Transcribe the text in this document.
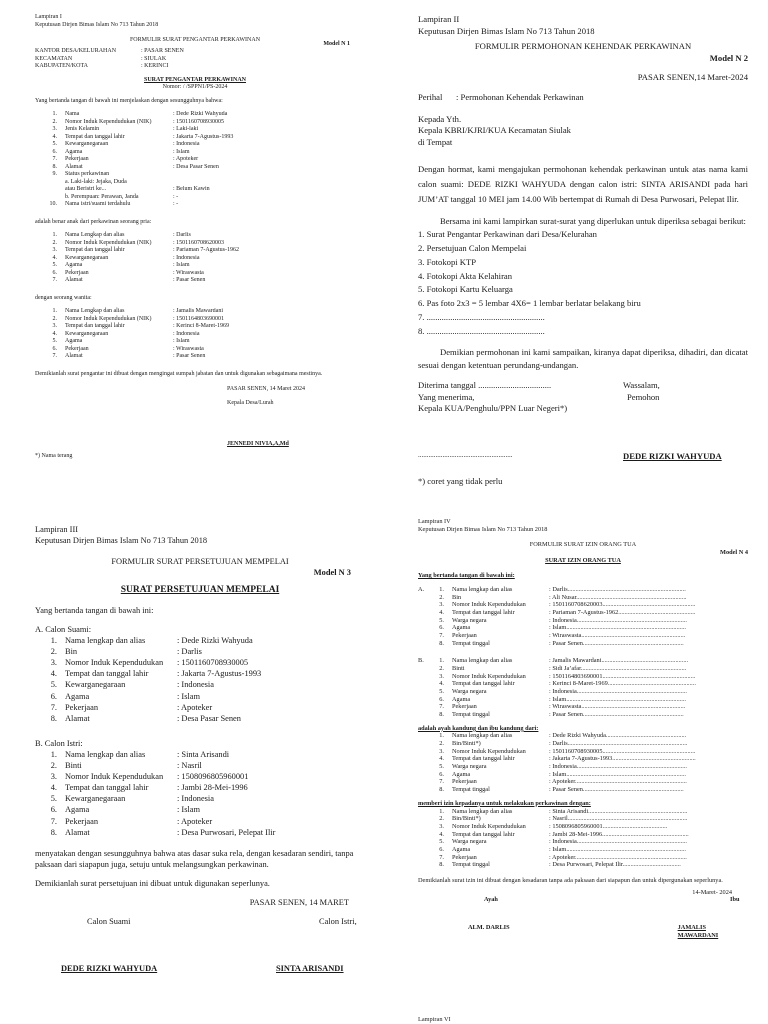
Lampiran I
Keputusan Dirjen Bimas Islam No 713 Tahun 2018
FORMULIR SURAT PENGANTAR PERKAWINAN
Model N 1
KANTOR DESA/KELURAHAN	: PASAR SENEN
KECAMATAN	: SIULAK
KABUPATEN/KOTA	: KERINCI
SURAT PENGANTAR PERKAWINAN
Nomor: / /SPPN1/PS-2024
Yang bertanda tangan di bawah ini menjelaskan dengan sesungguhnya bahwa:
1.	Nama	: Dede Rizki Wahyuda
2.	Nomor Induk Kependudukan (NIK)	: 1501160708930005
3.	Jenis Kelamin	: Laki-laki
4.	Tempat dan tanggal lahir	: Jakarta 7-Agustus-1993
5.	Kewarganegaraan	: Indonesia
6.	Agama	: Islam
7.	Pekerjaan	: Apoteker
8.	Alamat	: Desa Pasar Senen
9.	Status perkawinan
a. Laki-laki: Jejaka, Duda
atau Beristri ke...	: Belum Kawin
b. Perempuan: Perawan, Janda	: -
10.	Nama istri/suami terdahulu	: -
adalah benar anak dari perkawinan seorang pria:
1.	Nama Lengkap dan alias	: Darlis
2.	Nomor Induk Kependudukan (NIK)	: 1501160708620003
3.	Tempat dan tanggal lahir	: Pariaman 7-Agustus-1962
4.	Kewarganegaraan	: Indonesia
5.	Agama	: Islam
6.	Pekerjaan	: Wiraswasta
7.	Alamat	: Pasar Senen
dengan seorang wanita:
1.	Nama Lengkap dan alias	: Jamalis Mawardani
2.	Nomor Induk Kependudukan (NIK)	: 1501164803690001
3.	Tempat dan tanggal lahir	: Kerinci 8-Maret-1969
4.	Kewarganegaraan	: Indonesia
5.	Agama	: Islam
6.	Pekerjaan	: Wiraswasta
7.	Alamat	: Pasar Senen
Demikianlah surat pengantar ini dibuat dengan mengingat sumpah jabatan dan untuk digunakan sebagaimana mestinya.
PASAR SENEN, 14 Maret 2024
Kepala Desa/Lurah
JENNEDI NIVIA,A,Md
*) Nama terang
Lampiran II
Keputusan Dirjen Bimas Islam No 713 Tahun 2018
FORMULIR PERMOHONAN KEHENDAK PERKAWINAN
Model N 2
PASAR SENEN,14 Maret-2024
Perihal	: Permohonan Kehendak Perkawinan
Kepada Yth.
Kepala KBRI/KJRI/KUA Kecamatan Siulak
di Tempat
Dengan hormat, kami mengajukan permohonan kehendak perkawinan untuk atas nama kami calon suami: DEDE RIZKI WAHYUDA dengan calon istri: SINTA ARISANDI pada hari JUM’AT tanggal 10 MEI jam 14.00 Wib bertempat di Rumah di Desa Purwosari, Pelepat Ilir.
Bersama ini kami lampirkan surat-surat yang diperlukan untuk diperiksa sebagai berikut:
1. Surat Pengantar Perkawinan dari Desa/Kelurahan
2. Persetujuan Calon Mempelai
3. Fotokopi KTP
4. Fotokopi Akta Kelahiran
5. Fotokopi Kartu Keluarga
6. Pas foto 2x3 = 5 lembar 4X6= 1 lembar berlatar belakang biru
7. .......................................................
8. .......................................................
Demikian permohonan ini kami sampaikan, kiranya dapat diperiksa, dihadiri, dan dicatat sesuai dengan ketentuan perundang-undangan.
Diterima tanggal ..................................
Yang menerima,
Kepala KUA/Penghulu/PPN Luar Negeri*)
Wassalam,
Pemohon
......................................................	DEDE RIZKI WAHYUDA
*) coret yang tidak perlu
Lampiran III
Keputusan Dirjen Bimas Islam No 713 Tahun 2018
FORMULIR SURAT PERSETUJUAN MEMPELAI
Model N 3
SURAT PERSETUJUAN MEMPELAI
Yang bertanda tangan di bawah ini:
A. Calon Suami:
1. Nama lengkap dan alias	: Dede Rizki Wahyuda
2. Bin	: Darlis
3. Nomor Induk Kependudukan	: 1501160708930005
4. Tempat dan tanggal lahir	: Jakarta 7-Agustus-1993
5. Kewarganegaraan	: Indonesia
6. Agama	: Islam
7. Pekerjaan	: Apoteker
8. Alamat	: Desa Pasar Senen
B. Calon Istri:
1. Nama lengkap dan alias	: Sinta Arisandi
2. Binti	: Nasril
3. Nomor Induk Kependudukan	: 1508096805960001
4. Tempat dan tanggal lahir	: Jambi 28-Mei-1996
5. Kewarganegaraan	: Indonesia
6. Agama	: Islam
7. Pekerjaan	: Apoteker
8. Alamat	: Desa Purwosari, Pelepat Ilir
menyatakan dengan sesungguhnya bahwa atas dasar suka rela, dengan kesadaran sendiri, tanpa paksaan dari siapapun juga, setuju untuk melangsungkan perkawinan.
Demikianlah surat persetujuan ini dibuat untuk digunakan seperlunya.
PASAR SENEN, 14 MARET
Calon Suami	Calon Istri,
DEDE RIZKI WAHYUDA	SINTA ARISANDI
Lampiran IV
Keputusan Dirjen Bimas Islam No 713 Tahun 2018
FORMULIR SURAT IZIN ORANG TUA
Model N 4
SURAT IZIN ORANG TUA
Yang bertanda tangan di bawah ini:
A.	1.	Nama lengkap dan alias	: Darlis...........................................................................
2.	Bin	: Ali Nusar......................................................................
3.	Nomor Induk Kependudukan	: 1501160708620003...........................................................
4.	Tempat dan tanggal lahir	: Pariaman 7-Agustus-1962.................................................
5.	Warga negara	: Indonesia......................................................................
6.	Agama	: Islam............................................................................
7.	Pekerjaan	: Wiraswasta..................................................................
8.	Tempat tinggal	: Pasar Senen................................................................
B.	1.	Nama lengkap dan alias	: Jamalis Mawardani.......................................................
2.	Binti	: Sidi Ja’afar...................................................................
3.	Nomor Induk Kependudukan	: 1501164803690001...........................................................
4.	Tempat dan tanggal lahir	: Kerinci 8-Maret-1969........................................................
5.	Warga negara	: Indonesia......................................................................
6.	Agama	: Islam............................................................................
7.	Pekerjaan	: Wiraswasta..................................................................
8.	Tempat tinggal	: Pasar Senen................................................................
adalah ayah kandung dan ibu kandung dari:
1.	Nama lengkap dan alias	: Dede Rizki Wahyuda...................................................
2.	Bin/Binti*)	: Darlis............................................................................
3.	Nomor Induk Kependudukan	: 1501160708930005...........................................................
4.	Tempat dan tanggal lahir	: Jakarta 7-Agustus-1993.....................................................
5.	Warga negara	: Indonesia......................................................................
6.	Agama	: Islam............................................................................
7.	Pekerjaan	: Apoteker.......................................................................
8.	Tempat tinggal	: Pasar Senen................................................................
memberi izin kepadanya untuk melakukan perkawinan dengan:
1.	Nama lengkap dan alias	: Sinta Arisandi...............................................................
2.	Bin/Binti*)	: Nasril............................................................................
3.	Nomor Induk Kependudukan	: 1508096805960001.........................................
4.	Tempat dan tanggal lahir	: Jambi 28-Mei-1996.......................................................
5.	Warga negara	: Indonesia......................................................................
6.	Agama	: Islam............................................................................
7.	Pekerjaan	: Apoteker.......................................................................
8.	Tempat tinggal	: Desa Purwosari, Pelepat Ilir.....................................
Demikianlah surat izin ini dibuat dengan kesadaran tanpa ada paksaan dari siapapun dan untuk dipergunakan seperlunya.
14-Maret- 2024
Ayah	Ibu
ALM. DARLIS	JAMALIS MAWARDANI
Lampiran VI
